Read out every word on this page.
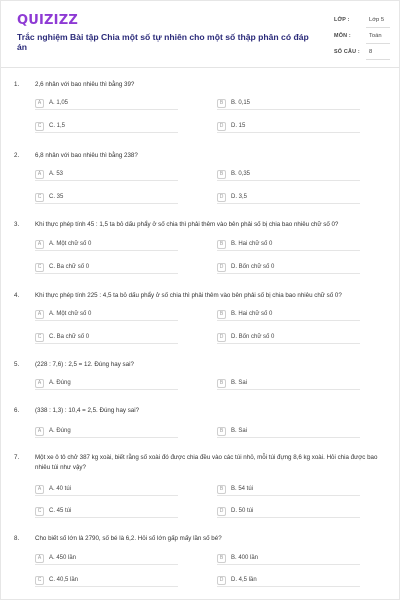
QUIZIZZ
Trắc nghiệm Bài tập Chia một số tự nhiên cho một số thập phân có đáp án
LỚP :	Lớp 5
MÔN :	Toán
SỐ CÂU :	8
1.	2,6 nhân với bao nhiêu thì bằng 39?
A	A. 1,05	B	B. 0,15
C	C. 1,5	D	D. 15
2.	6,8 nhân với bao nhiêu thì bằng 238?
A	A. 53	B	B. 0,35
C	C. 35	D	D. 3,5
3.	Khi thực phép tính 45 : 1,5 ta bỏ dấu phẩy ở số chia thì phải thêm vào bên phải số bị chia bao nhiêu chữ số 0?
A	A. Một chữ số 0	B	B. Hai chữ số 0
C	C. Ba chữ số 0	D	D. Bốn chữ số 0
4.	Khi thực phép tính 225 : 4,5 ta bỏ dấu phẩy ở số chia thì phải thêm vào bên phải số bị chia bao nhiêu chữ số 0?
A	A. Một chữ số 0	B	B. Hai chữ số 0
C	C. Ba chữ số 0	D	D. Bốn chữ số 0
5.	(228 : 7,6) : 2,5 = 12. Đúng hay sai?
A	A. Đúng	B	B. Sai
6.	(338 : 1,3) : 10,4 = 2,5. Đúng hay sai?
A	A. Đúng	B	B. Sai
7.	Một xe ô tô chở 387 kg xoài, biết rằng số xoài đó được chia đều vào các túi nhỏ, mỗi túi đựng 8,6 kg xoài. Hỏi chia được bao nhiêu túi như vậy?
A	A. 40 túi	B	B. 54 túi
C	C. 45 túi	D	D. 50 túi
8.	Cho biết số lớn là 2790, số bé là 6,2. Hỏi số lớn gấp mấy lần số bé?
A	A. 450 lần	B	B. 400 lần
C	C. 40,5 lần	D	D. 4,5 lần
